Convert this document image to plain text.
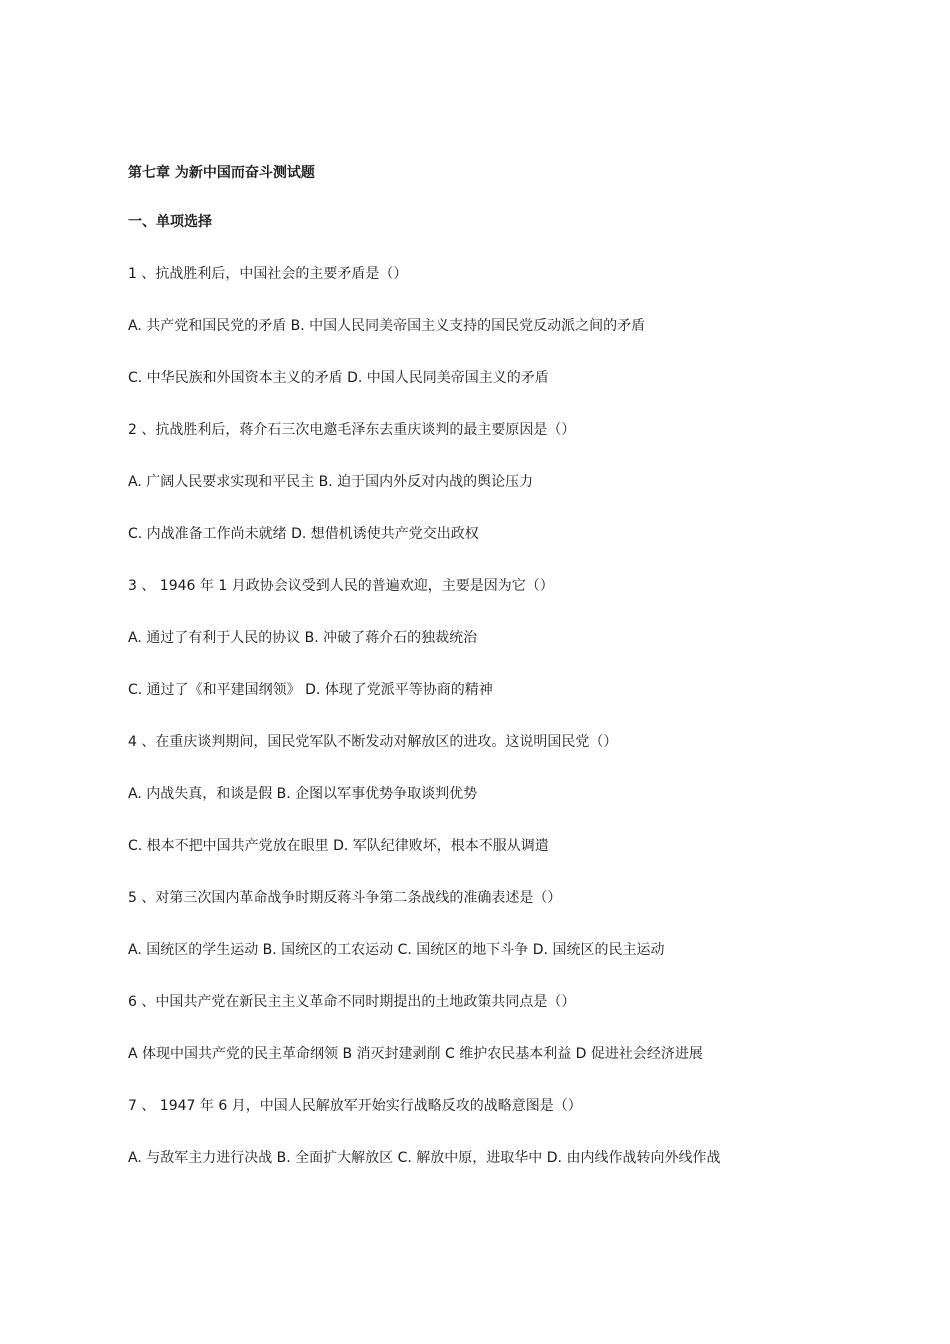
第七章 为新中国而奋斗测试题
一、单项选择
1 、抗战胜利后，中国社会的主要矛盾是（）
A. 共产党和国民党的矛盾 B. 中国人民同美帝国主义支持的国民党反动派之间的矛盾
C. 中华民族和外国资本主义的矛盾 D. 中国人民同美帝国主义的矛盾
2 、抗战胜利后，蒋介石三次电邀毛泽东去重庆谈判的最主要原因是（）
A. 广阔人民要求实现和平民主 B. 迫于国内外反对内战的舆论压力
C. 内战准备工作尚未就绪 D. 想借机诱使共产党交出政权
3 、 1946 年 1 月政协会议受到人民的普遍欢迎，主要是因为它（）
A. 通过了有利于人民的协议 B. 冲破了蒋介石的独裁统治
C. 通过了《和平建国纲领》 D. 体现了党派平等协商的精神
4 、在重庆谈判期间，国民党军队不断发动对解放区的进攻。这说明国民党（）
A. 内战失真，和谈是假 B. 企图以军事优势争取谈判优势
C. 根本不把中国共产党放在眼里 D. 军队纪律败坏，根本不服从调遣
5 、对第三次国内革命战争时期反蒋斗争第二条战线的准确表述是（）
A. 国统区的学生运动 B. 国统区的工农运动 C. 国统区的地下斗争 D. 国统区的民主运动
6 、中国共产党在新民主主义革命不同时期提出的土地政策共同点是（）
A 体现中国共产党的民主革命纲领 B 消灭封建剥削 C 维护农民基本利益 D 促进社会经济进展
7 、 1947 年 6 月，中国人民解放军开始实行战略反攻的战略意图是（）
A. 与敌军主力进行决战 B. 全面扩大解放区 C. 解放中原，进取华中 D. 由内线作战转向外线作战
